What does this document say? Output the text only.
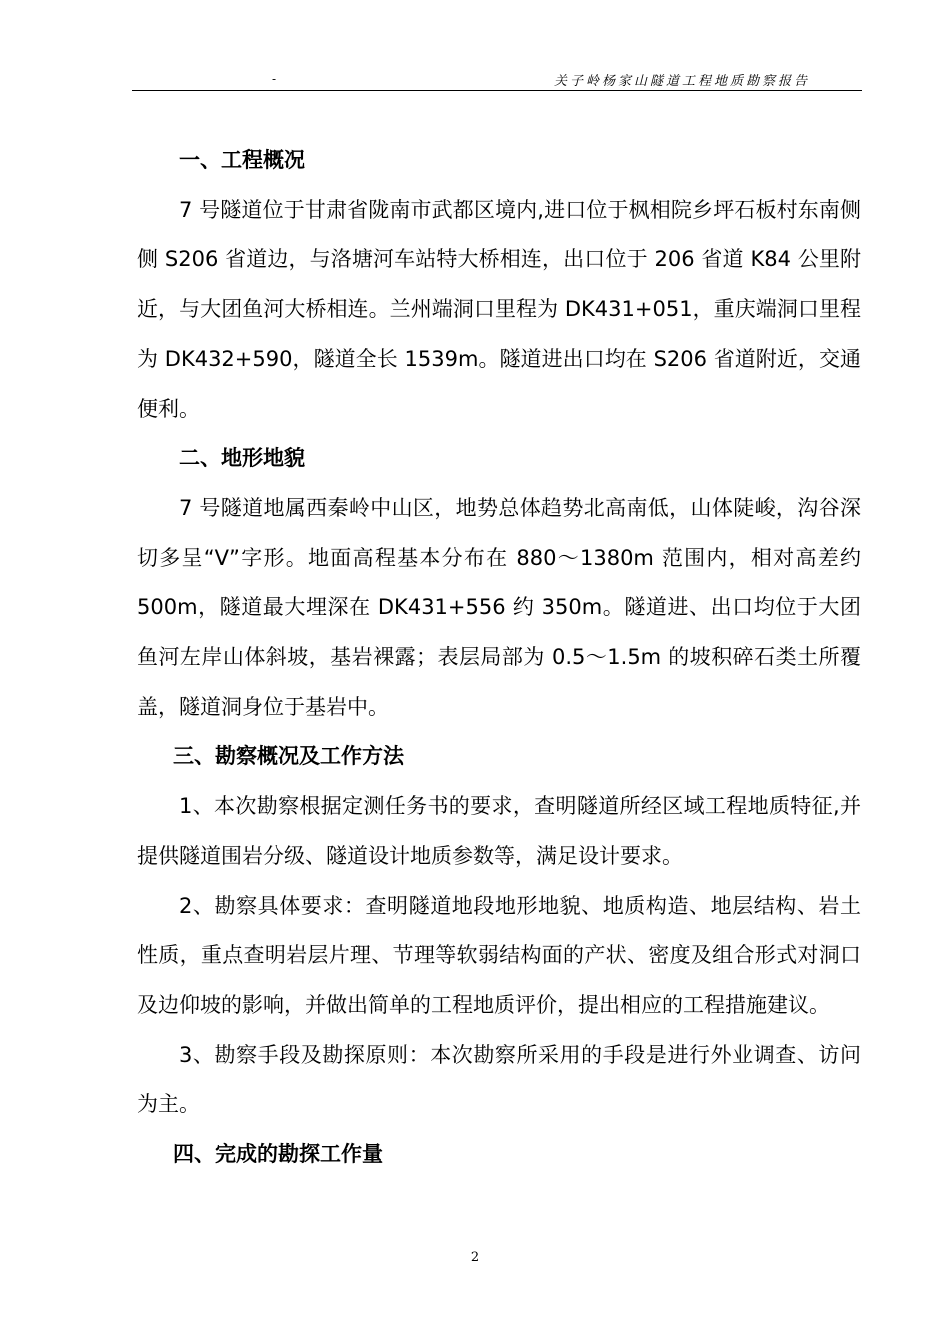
-	关子岭杨家山隧道工程地质勘察报告

一、工程概况

7 号隧道位于甘肃省陇南市武都区境内,进口位于枫相院乡坪石板村东南侧侧 S206 省道边，与洛塘河车站特大桥相连，出口位于 206 省道 K84 公里附近，与大团鱼河大桥相连。兰州端洞口里程为 DK431+051，重庆端洞口里程为 DK432+590，隧道全长 1539m。隧道进出口均在 S206 省道附近，交通便利。

二、地形地貌

7 号隧道地属西秦岭中山区，地势总体趋势北高南低，山体陡峻，沟谷深切多呈“V”字形。地面高程基本分布在 880～1380m 范围内，相对高差约 500m，隧道最大埋深在 DK431+556 约 350m。隧道进、出口均位于大团鱼河左岸山体斜坡，基岩裸露；表层局部为 0.5～1.5m 的坡积碎石类土所覆盖，隧道洞身位于基岩中。

三、勘察概况及工作方法

1、本次勘察根据定测任务书的要求，查明隧道所经区域工程地质特征,并提供隧道围岩分级、隧道设计地质参数等，满足设计要求。

2、勘察具体要求：查明隧道地段地形地貌、地质构造、地层结构、岩土性质，重点查明岩层片理、节理等软弱结构面的产状、密度及组合形式对洞口及边仰坡的影响，并做出简单的工程地质评价，提出相应的工程措施建议。

3、勘察手段及勘探原则：本次勘察所采用的手段是进行外业调查、访问为主。

四、完成的勘探工作量

2
